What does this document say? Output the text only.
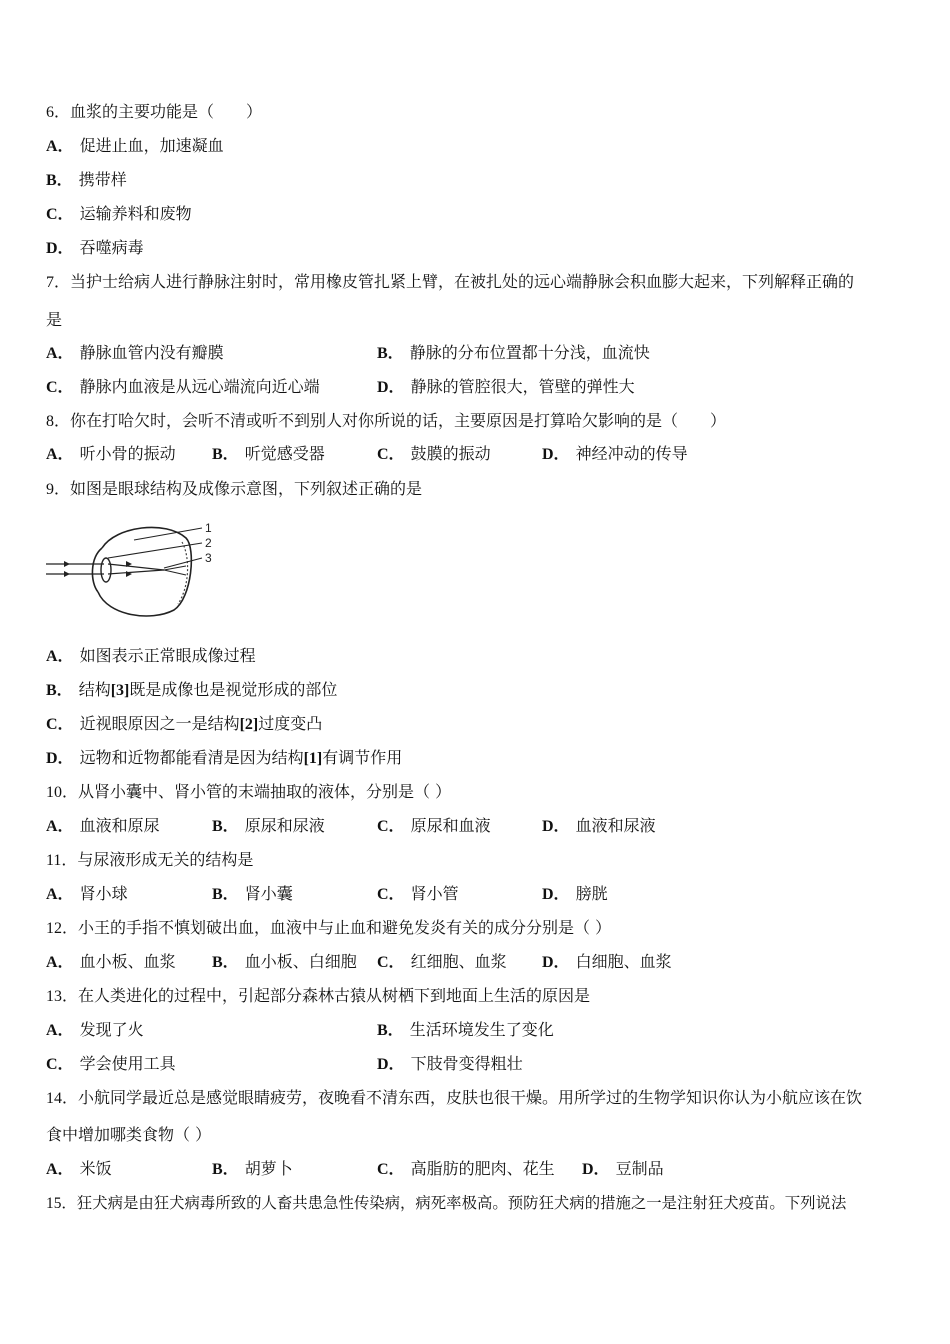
6．血浆的主要功能是（　　）
A． 促进止血，加速凝血
B． 携带样
C． 运输养料和废物
D． 吞噬病毒
7．当护士给病人进行静脉注射时，常用橡皮管扎紧上臂，在被扎处的远心端静脉会积血膨大起来，下列解释正确的
是
A． 静脉血管内没有瓣膜	B． 静脉的分布位置都十分浅，血流快
C． 静脉内血液是从远心端流向近心端	D． 静脉的管腔很大，管壁的弹性大
8．你在打哈欠时，会听不清或听不到别人对你所说的话，主要原因是打算哈欠影响的是（　　）
A． 听小骨的振动 B． 听觉感受器	C． 鼓膜的振动	D． 神经冲动的传导
9．如图是眼球结构及成像示意图，下列叙述正确的是
1
2
3
A． 如图表示正常眼成像过程
B． 结构[3]既是成像也是视觉形成的部位
C． 近视眼原因之一是结构[2]过度变凸
D． 远物和近物都能看清是因为结构[1]有调节作用
10．从肾小囊中、肾小管的末端抽取的液体，分别是（ ）
A． 血液和原尿	B． 原尿和尿液	C． 原尿和血液	D． 血液和尿液
11．与尿液形成无关的结构是
A． 肾小球	B． 肾小囊	C． 肾小管	D． 膀胱
12．小王的手指不慎划破出血，血液中与止血和避免发炎有关的成分分别是（ ）
A． 血小板、血浆 B． 血小板、白细胞 C． 红细胞、血浆 D． 白细胞、血浆
13．在人类进化的过程中，引起部分森林古猿从树栖下到地面上生活的原因是
A． 发现了火	B． 生活环境发生了变化
C． 学会使用工具	D． 下肢骨变得粗壮
14．小航同学最近总是感觉眼睛疲劳，夜晚看不清东西，皮肤也很干燥。用所学过的生物学知识你认为小航应该在饮
食中增加哪类食物（ ）
A． 米饭	B． 胡萝卜	C． 高脂肪的肥肉、花生 D． 豆制品
15．狂犬病是由狂犬病毒所致的人畜共患急性传染病，病死率极高。预防狂犬病的措施之一是注射狂犬疫苗。下列说法
